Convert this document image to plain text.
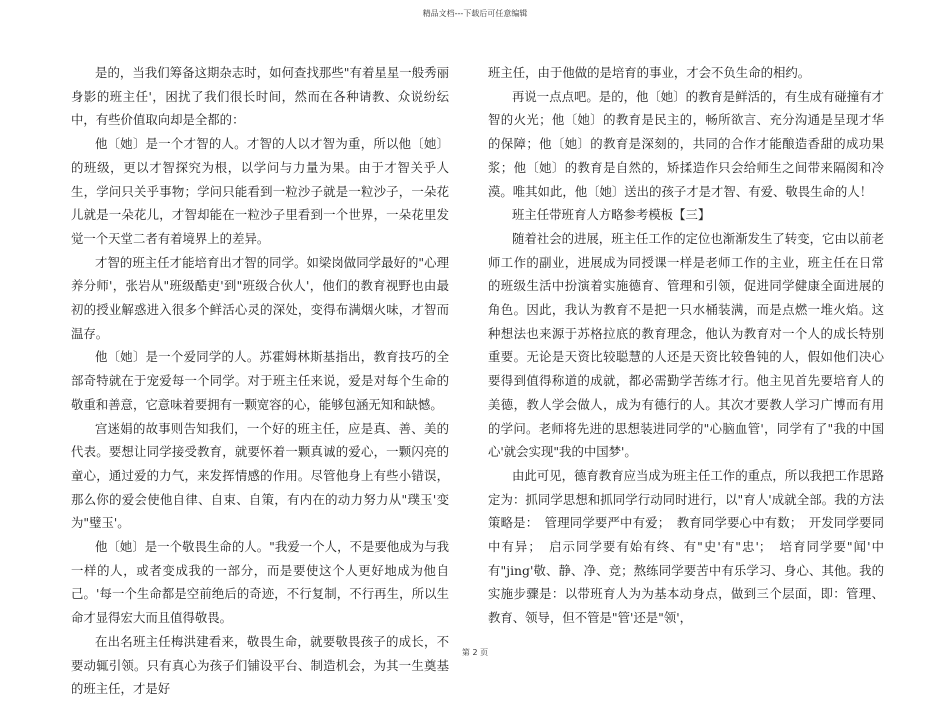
精品文档---下载后可任意编辑

是的，当我们筹备这期杂志时，如何查找那些"有着星星一般秀丽身影的班主任'，困扰了我们很长时间，然而在各种请教、众说纷纭中，有些价值取向却是全都的：

他〔她〕是一个才智的人。才智的人以才智为重，所以他〔她〕的班级，更以才智探究为根，以学问与力量为果。由于才智关乎人生，学问只关乎事物；学问只能看到一粒沙子就是一粒沙子，一朵花儿就是一朵花儿，才智却能在一粒沙子里看到一个世界，一朵花里发觉一个天堂二者有着境界上的差异。

才智的班主任才能培育出才智的同学。如梁岗做同学最好的"心理养分师'，张岩从"班级酷吏'到"班级合伙人'，他们的教育视野也由最初的授业解惑进入很多个鲜活心灵的深处，变得布满烟火味，才智而温存。

他〔她〕是一个爱同学的人。苏霍姆林斯基指出，教育技巧的全部奇特就在于宠爱每一个同学。对于班主任来说，爱是对每个生命的敬重和善意，它意味着要拥有一颗宽容的心，能够包涵无知和缺憾。

宫迷娟的故事则告知我们，一个好的班主任，应是真、善、美的代表。要想让同学接受教育，就要怀着一颗真诚的爱心，一颗闪亮的童心，通过爱的力气，来发挥情感的作用。尽管他身上有些小错误，那么你的爱会使他自律、自束、自策，有内在的动力努力从"璞玉'变为"璧玉'。

他〔她〕是一个敬畏生命的人。"我爱一个人，不是要他成为与我一样的人，或者变成我的一部分，而是要使这个人更好地成为他自己。'每一个生命都是空前绝后的奇迹，不行复制，不行再生，所以生命才显得宏大而且值得敬畏。

在出名班主任梅洪建看来，敬畏生命，就要敬畏孩子的成长，不要动辄引领。只有真心为孩子们铺设平台、制造机会，为其一生奠基的班主任，才是好

班主任，由于他做的是培育的事业，才会不负生命的相约。

再说一点点吧。是的，他〔她〕的教育是鲜活的，有生成有碰撞有才智的火光；他〔她〕的教育是民主的，畅所欲言、充分沟通是呈现才华的保障；他〔她〕的教育是深刻的，共同的合作才能酿造香甜的成功果浆；他〔她〕的教育是自然的，矫揉造作只会给师生之间带来隔阂和冷漠。唯其如此，他〔她〕送出的孩子才是才智、有爱、敬畏生命的人！

班主任带班育人方略参考模板【三】

随着社会的进展，班主任工作的定位也渐渐发生了转变，它由以前老师工作的副业，进展成为同授课一样是老师工作的主业，班主任在日常的班级生活中扮演着实施德育、管理和引领，促进同学健康全面进展的角色。因此，我认为教育不是把一只水桶装满，而是点燃一堆火焰。这种想法也来源于苏格拉底的教育理念，他认为教育对一个人的成长特别重要。无论是天资比较聪慧的人还是天资比较鲁钝的人，假如他们决心要得到值得称道的成就，都必需勤学苦练才行。他主见首先要培育人的美德，教人学会做人，成为有德行的人。其次才要教人学习广博而有用的学问。老师将先进的思想装进同学的"心脑血管'，同学有了"我的中国心'就会实现"我的中国梦'。

由此可见，德育教育应当成为班主任工作的重点，所以我把工作思路定为：抓同学思想和抓同学行动同时进行，以"育人'成就全部。我的方法策略是：　管理同学要严中有爱；　教育同学要心中有数；　开发同学要同中有异；　启示同学要有始有终、有"史'有"忠'；　培育同学要"闻'中有"jing'敬、静、净、竞；熬练同学要苦中有乐学习、身心、其他。我的实施步骤是：以带班育人为为基本动身点，做到三个层面，即：管理、教育、领导，但不管是"管'还是"领'，

第 2 页
